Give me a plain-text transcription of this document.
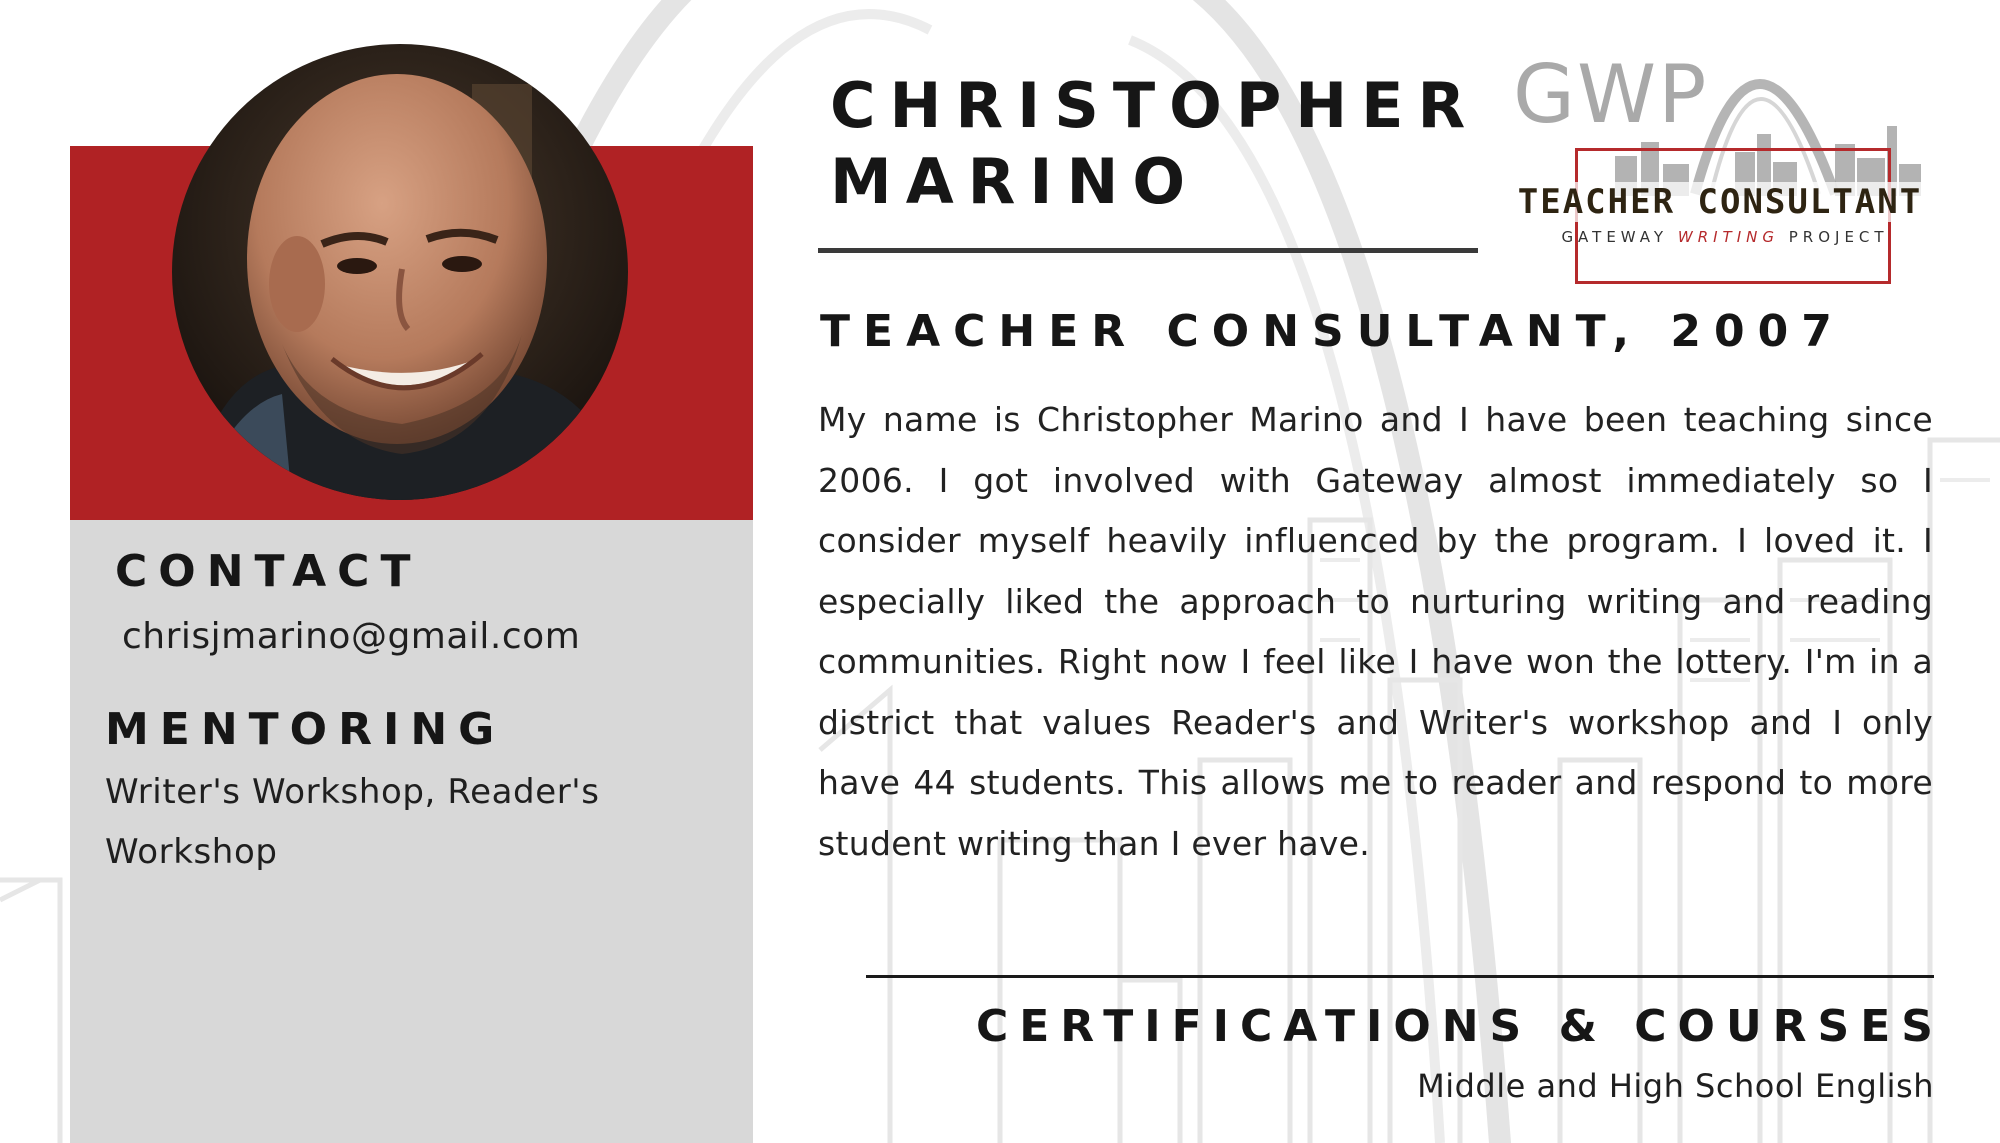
CHRISTOPHER
MARINO
GWP
TEACHER CONSULTANT
GATEWAY WRITING PROJECT
TEACHER CONSULTANT, 2007
My name is Christopher Marino and I have been teaching since 2006. I got involved with Gateway almost immediately so I consider myself heavily influenced by the program. I loved it. I especially liked the approach to nurturing writing and reading communities. Right now I feel like I have won the lottery. I'm in a district that values Reader's and Writer's workshop and I only have 44 students. This allows me to reader and respond to more student writing than I ever have.
CONTACT
chrisjmarino@gmail.com
MENTORING
Writer's Workshop, Reader's Workshop
CERTIFICATIONS & COURSES
Middle and High School English
